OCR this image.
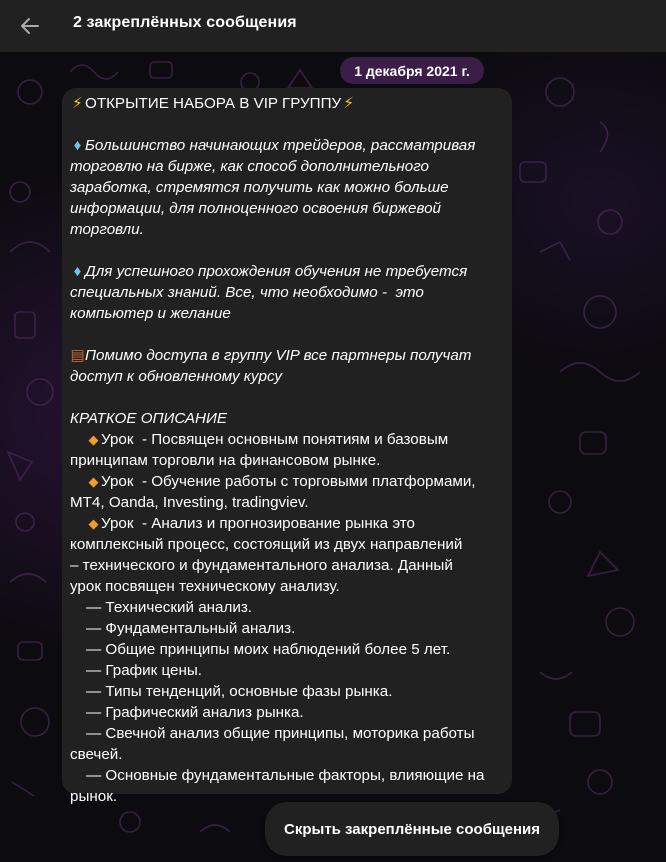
2 закреплённых сообщения
1 декабря 2021 г.
⚡ ОТКРЫТИЕ НАБОРА В VIP ГРУППУ ⚡
♦ Большинство начинающих трейдеров, рассматривая
торговлю на бирже, как способ дополнительного
заработка, стремятся получить как можно больше
информации, для полноценного освоения биржевой
торговли.
♦ Для успешного прохождения обучения не требуется
специальных знаний. Все, что необходимо -  это
компьютер и желание
▤Помимо доступа в группу VIP все партнеры получат
доступ к обновленному курсу
КРАТКОЕ ОПИСАНИЕ
◆ Урок  - Посвящен основным понятиям и базовым
принципам торговли на финансовом рынке.
◆ Урок  - Обучение работы с торговыми платформами,
MT4, Oanda, Investing, tradingviev.
◆ Урок  - Анализ и прогнозирование рынка это
комплексный процесс, состоящий из двух направлений
– технического и фундаментального анализа. Данный
урок посвящен техническому анализу.
— Технический анализ.
— Фундаментальный анализ.
— Общие принципы моих наблюдений более 5 лет.
— График цены.
— Типы тенденций, основные фазы рынка.
— Графический анализ рынка.
— Свечной анализ общие принципы, моторика работы
свечей.
— Основные фундаментальные факторы, влияющие на
рынок.
Скрыть закреплённые сообщения
